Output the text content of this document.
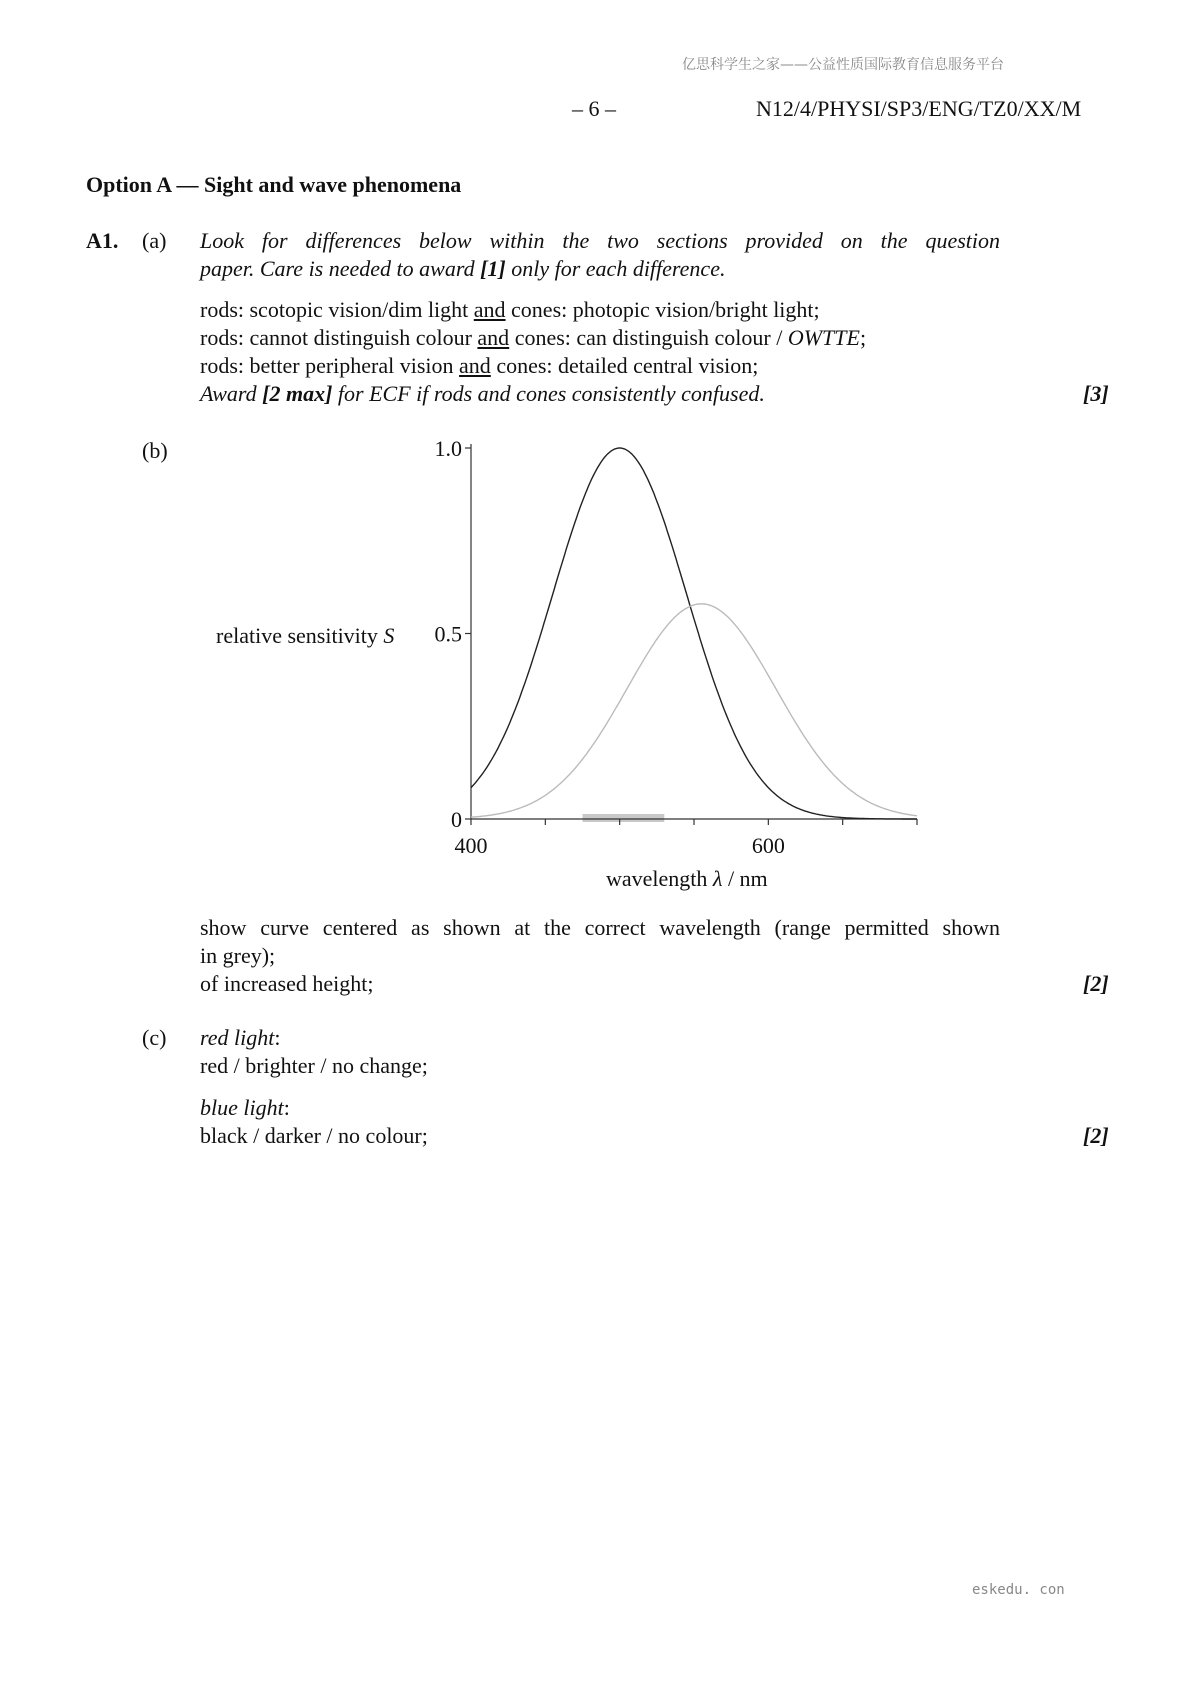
亿思科学生之家——公益性质国际教育信息服务平台
– 6 –	N12/4/PHYSI/SP3/ENG/TZ0/XX/M
Option A — Sight and wave phenomena
A1. (a) Look for differences below within the two sections provided on the question
paper. Care is needed to award [1] only for each difference.
rods: scotopic vision/dim light and cones: photopic vision/bright light;
rods: cannot distinguish colour and cones: can distinguish colour / OWTTE;
rods: better peripheral vision and cones: detailed central vision;
Award [2 max] for ECF if rods and cones consistently confused.	[3]
(b)
0
0.5
1.0
400	600
relative sensitivity S
wavelength λ / nm
show curve centered as shown at the correct wavelength (range permitted shown
in grey);
of increased height;	[2]
(c) red light:
red / brighter / no change;
blue light:
black / darker / no colour;	[2]
eskedu. con
